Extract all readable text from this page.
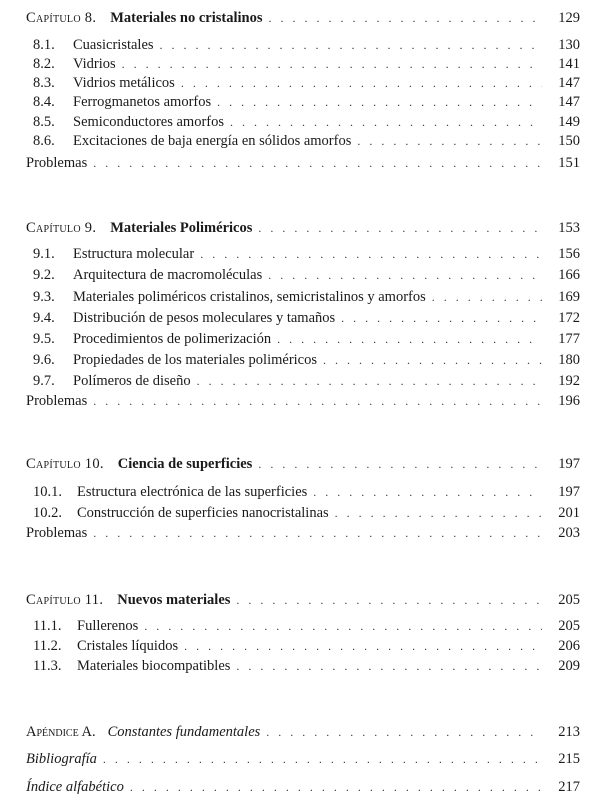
Capítulo 8. Materiales no cristalinos . . .	129
8.1.	Cuasicristales . . .	130
8.2.	Vidrios . . .	141
8.3.	Vidrios metálicos . . .	147
8.4.	Ferrogmanetos amorfos . . .	147
8.5.	Semiconductores amorfos . . .	149
8.6.	Excitaciones de baja energía en sólidos amorfos . . .	150
Problemas . . .	151
Capítulo 9. Materiales Poliméricos . . .	153
9.1.	Estructura molecular . . .	156
9.2.	Arquitectura de macromoléculas . . .	166
9.3.	Materiales poliméricos cristalinos, semicristalinos y amorfos . . .	169
9.4.	Distribución de pesos moleculares y tamaños . . .	172
9.5.	Procedimientos de polimerización . . .	177
9.6.	Propiedades de los materiales poliméricos . . .	180
9.7.	Polímeros de diseño . . .	192
Problemas . . .	196
Capítulo 10. Ciencia de superficies . . .	197
10.1.	Estructura electrónica de las superficies . . .	197
10.2.	Construcción de superficies nanocristalinas . . .	201
Problemas . . .	203
Capítulo 11. Nuevos materiales . . .	205
11.1.	Fullerenos . . .	205
11.2.	Cristales líquidos . . .	206
11.3.	Materiales biocompatibles . . .	209
Apéndice A. Constantes fundamentales . . .	213
Bibliografía . . .	215
Índice alfabético . . .	217
